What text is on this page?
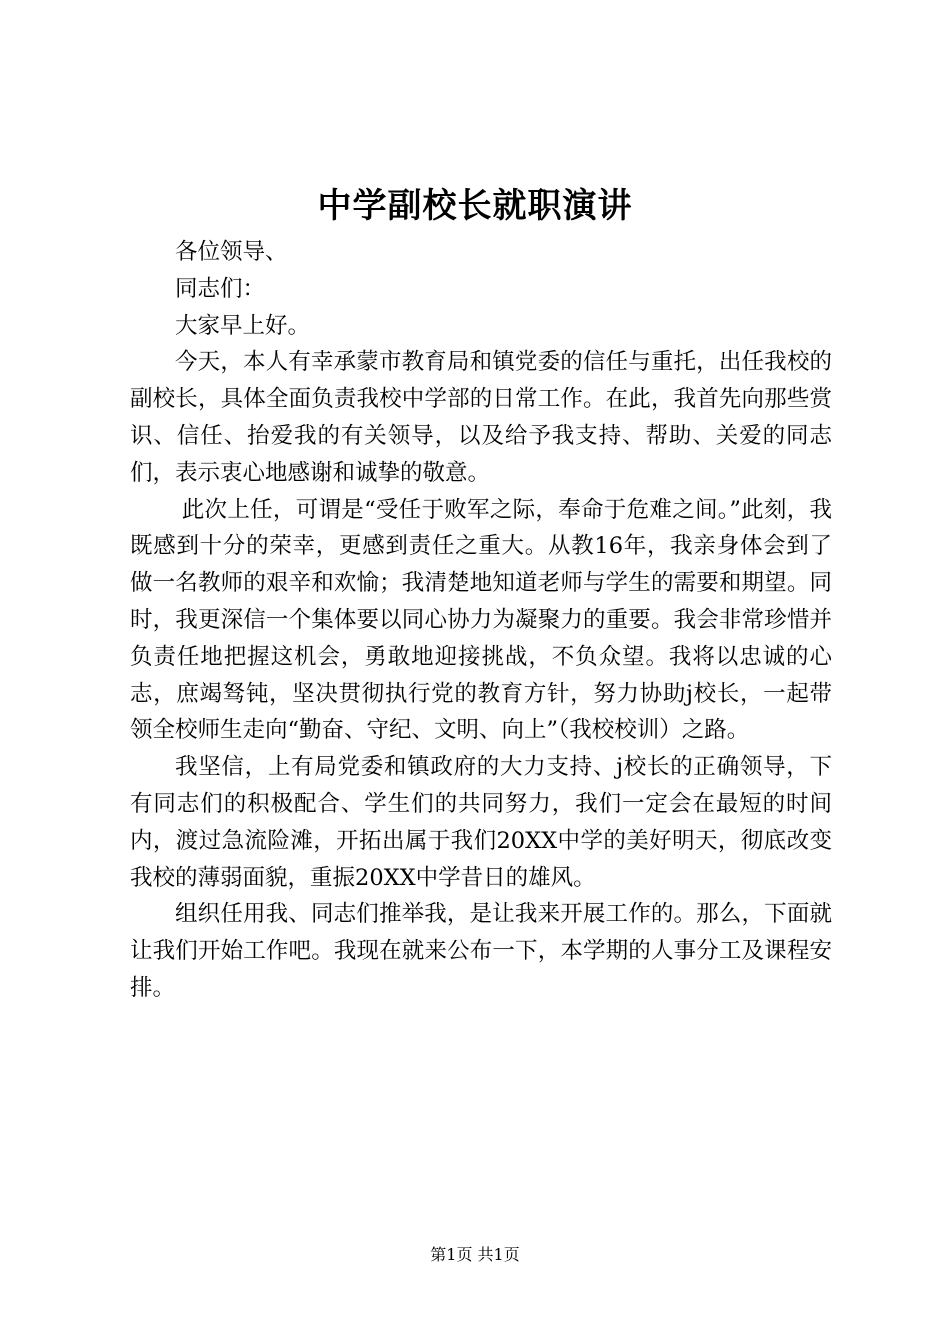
中学副校长就职演讲

各位领导、

同志们：

大家早上好。

今天，本人有幸承蒙市教育局和镇党委的信任与重托，出任我校的副校长，具体全面负责我校中学部的日常工作。在此，我首先向那些赏识、信任、抬爱我的有关领导，以及给予我支持、帮助、关爱的同志们，表示衷心地感谢和诚挚的敬意。

此次上任，可谓是“受任于败军之际，奉命于危难之间。”此刻，我既感到十分的荣幸，更感到责任之重大。从教16年，我亲身体会到了做一名教师的艰辛和欢愉；我清楚地知道老师与学生的需要和期望。同时，我更深信一个集体要以同心协力为凝聚力的重要。我会非常珍惜并负责任地把握这机会，勇敢地迎接挑战，不负众望。我将以忠诚的心志，庶竭驽钝，坚决贯彻执行党的教育方针，努力协助j校长，一起带领全校师生走向“勤奋、守纪、文明、向上”（我校校训）之路。

我坚信，上有局党委和镇政府的大力支持、j校长的正确领导，下有同志们的积极配合、学生们的共同努力，我们一定会在最短的时间内，渡过急流险滩，开拓出属于我们20XX中学的美好明天，彻底改变我校的薄弱面貌，重振20XX中学昔日的雄风。

组织任用我、同志们推举我，是让我来开展工作的。那么，下面就让我们开始工作吧。我现在就来公布一下，本学期的人事分工及课程安排。

第1页 共1页
